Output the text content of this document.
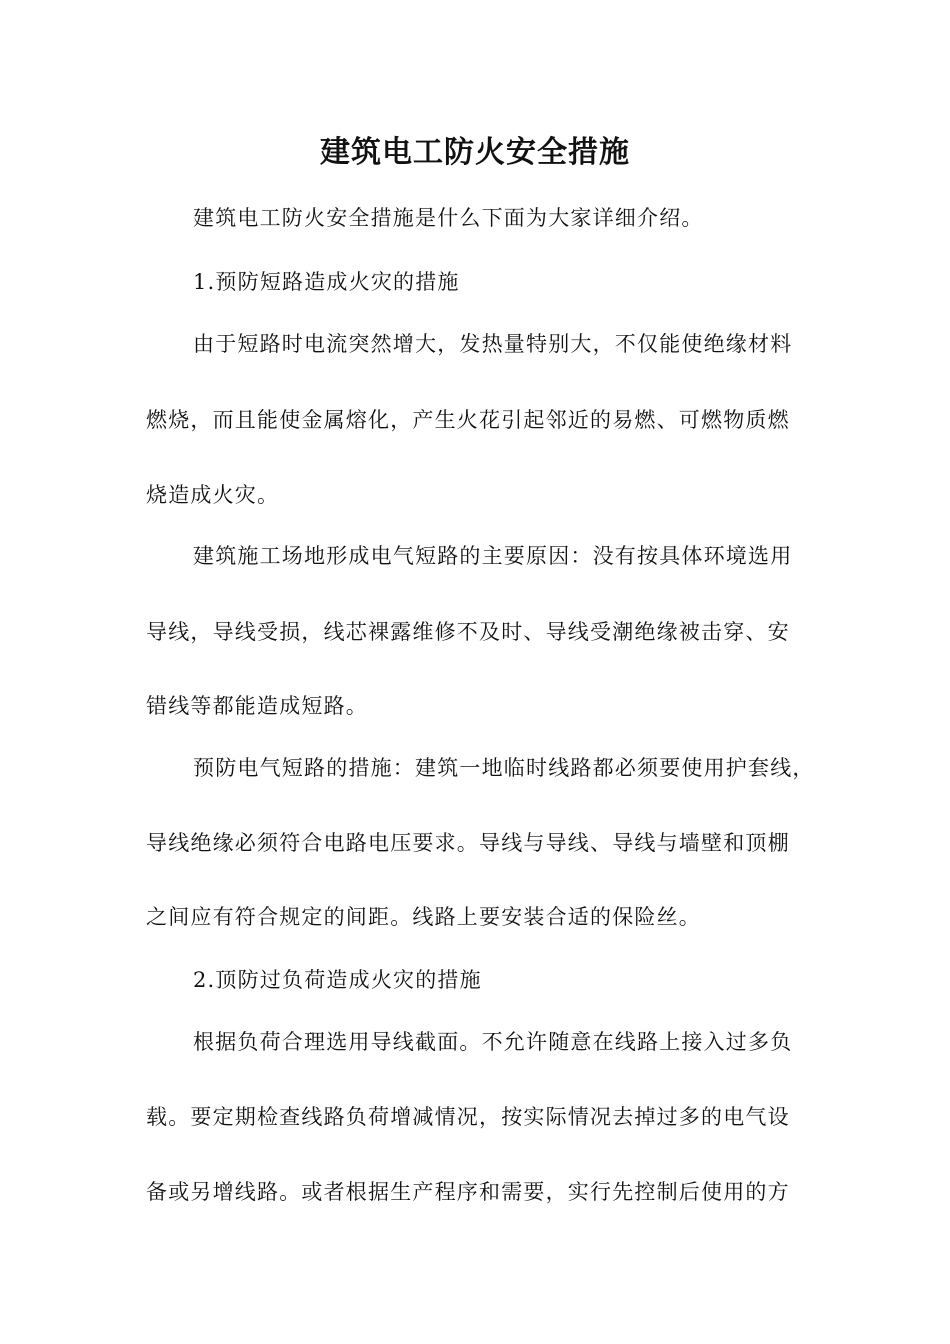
建筑电工防火安全措施
建筑电工防火安全措施是什么下面为大家详细介绍。
1.预防短路造成火灾的措施
由于短路时电流突然增大，发热量特别大，不仅能使绝缘材料
燃烧，而且能使金属熔化，产生火花引起邻近的易燃、可燃物质燃
烧造成火灾。
建筑施工场地形成电气短路的主要原因：没有按具体环境选用
导线，导线受损，线芯裸露维修不及时、导线受潮绝缘被击穿、安
错线等都能造成短路。
预防电气短路的措施：建筑一地临时线路都必须要使用护套线，
导线绝缘必须符合电路电压要求。导线与导线、导线与墙壁和顶棚
之间应有符合规定的间距。线路上要安装合适的保险丝。
2.顶防过负荷造成火灾的措施
根据负荷合理选用导线截面。不允许随意在线路上接入过多负
载。要定期检查线路负荷增减情况，按实际情况去掉过多的电气设
备或另增线路。或者根据生产程序和需要，实行先控制后使用的方
